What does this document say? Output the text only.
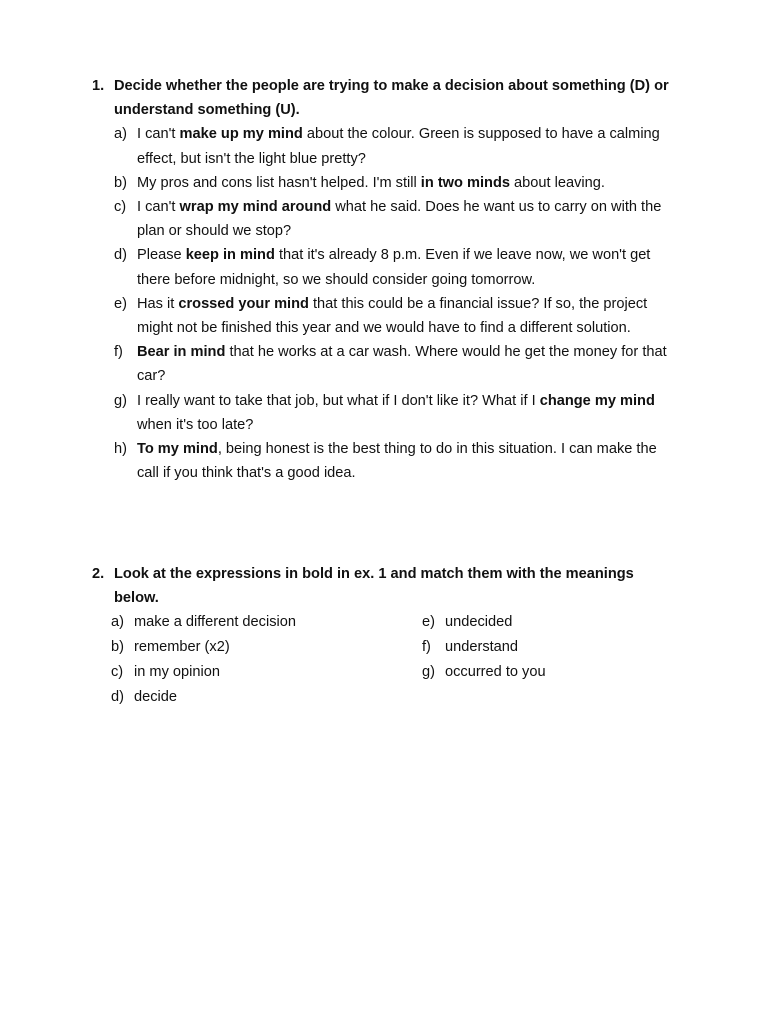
1. Decide whether the people are trying to make a decision about something (D) or understand something (U).
a) I can't make up my mind about the colour. Green is supposed to have a calming effect, but isn't the light blue pretty?
b) My pros and cons list hasn't helped. I'm still in two minds about leaving.
c) I can't wrap my mind around what he said. Does he want us to carry on with the plan or should we stop?
d) Please keep in mind that it's already 8 p.m. Even if we leave now, we won't get there before midnight, so we should consider going tomorrow.
e) Has it crossed your mind that this could be a financial issue? If so, the project might not be finished this year and we would have to find a different solution.
f) Bear in mind that he works at a car wash. Where would he get the money for that car?
g) I really want to take that job, but what if I don't like it? What if I change my mind when it's too late?
h) To my mind, being honest is the best thing to do in this situation. I can make the call if you think that's a good idea.
2. Look at the expressions in bold in ex. 1 and match them with the meanings below.
a) make a different decision
b) remember (x2)
c) in my opinion
d) decide
e) undecided
f) understand
g) occurred to you
